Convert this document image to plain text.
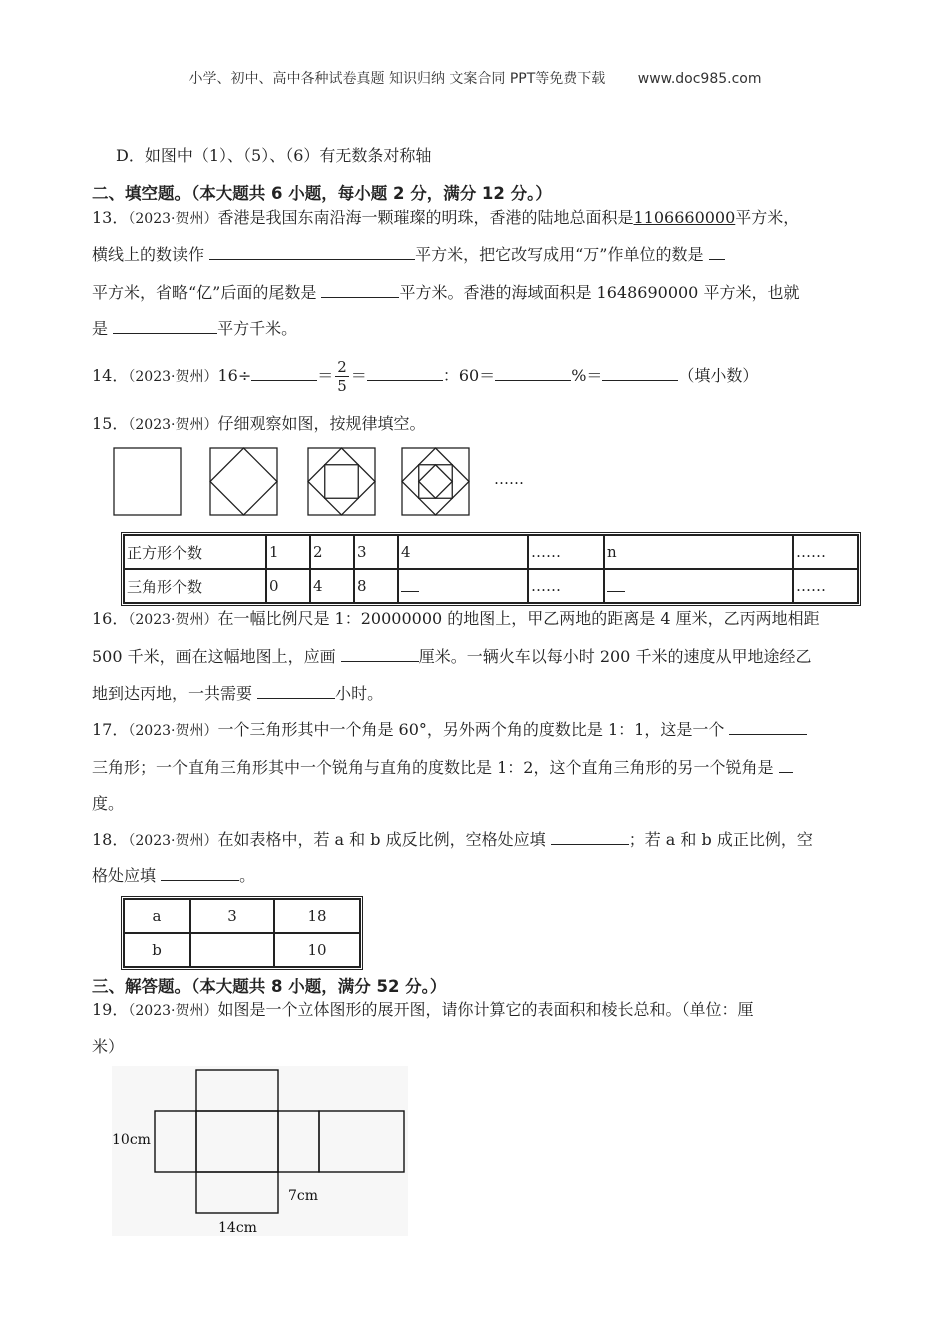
小学、初中、高中各种试卷真题 知识归纳 文案合同 PPT等免费下载 www.doc985.com
D．如图中（1）、（5）、（6）有无数条对称轴
二、填空题。（本大题共 6 小题，每小题 2 分，满分 12 分。）
13．（2023·贺州）香港是我国东南沿海一颗璀璨的明珠，香港的陆地总面积是1106660000平方米，
横线上的数读作	平方米，把它改写成用“万”作单位的数是
平方米，省略“亿”后面的尾数是	平方米。香港的海域面积是 1648690000 平方米，也就
是	平方千米。
14．（2023·贺州）16÷	＝ $\frac{2}{5}$ ＝	：60＝	%＝	（填小数）
15．（2023·贺州）仔细观察如图，按规律填空。
……
正方形个数	1	2	3	4	……	n	……
三角形个数	0	4	8		……		……
16．（2023·贺州）在一幅比例尺是 1：20000000 的地图上，甲乙两地的距离是 4 厘米，乙丙两地相距
500 千米，画在这幅地图上，应画	厘米。一辆火车以每小时 200 千米的速度从甲地途经乙
地到达丙地，一共需要	小时。
17．（2023·贺州）一个三角形其中一个角是 60°，另外两个角的度数比是 1：1，这是一个
三角形；一个直角三角形其中一个锐角与直角的度数比是 1：2，这个直角三角形的另一个锐角是
度。
18．（2023·贺州）在如表格中，若 a 和 b 成反比例，空格处应填	；若 a 和 b 成正比例，空
格处应填	。
a	3	18
b		10
三、解答题。（本大题共 8 小题，满分 52 分。）
19．（2023·贺州）如图是一个立体图形的展开图，请你计算它的表面积和棱长总和。（单位：厘
米）
10cm
7cm
14cm
